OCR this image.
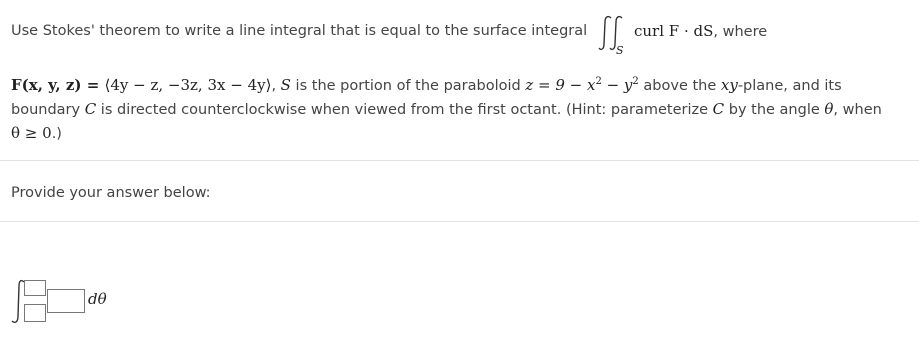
Use Stokes' theorem to write a line integral that is equal to the surface integral
S
curl F · dS, where
F(x, y, z) = ⟨4y − z, −3z, 3x − 4y⟩, S is the portion of the paraboloid $z = 9 - x^2 - y^2$ above the xy-plane, and its
boundary C is directed counterclockwise when viewed from the first octant. (Hint: parameterize C by the angle θ, when
θ ≥ 0.)
Provide your answer below:
dθ
